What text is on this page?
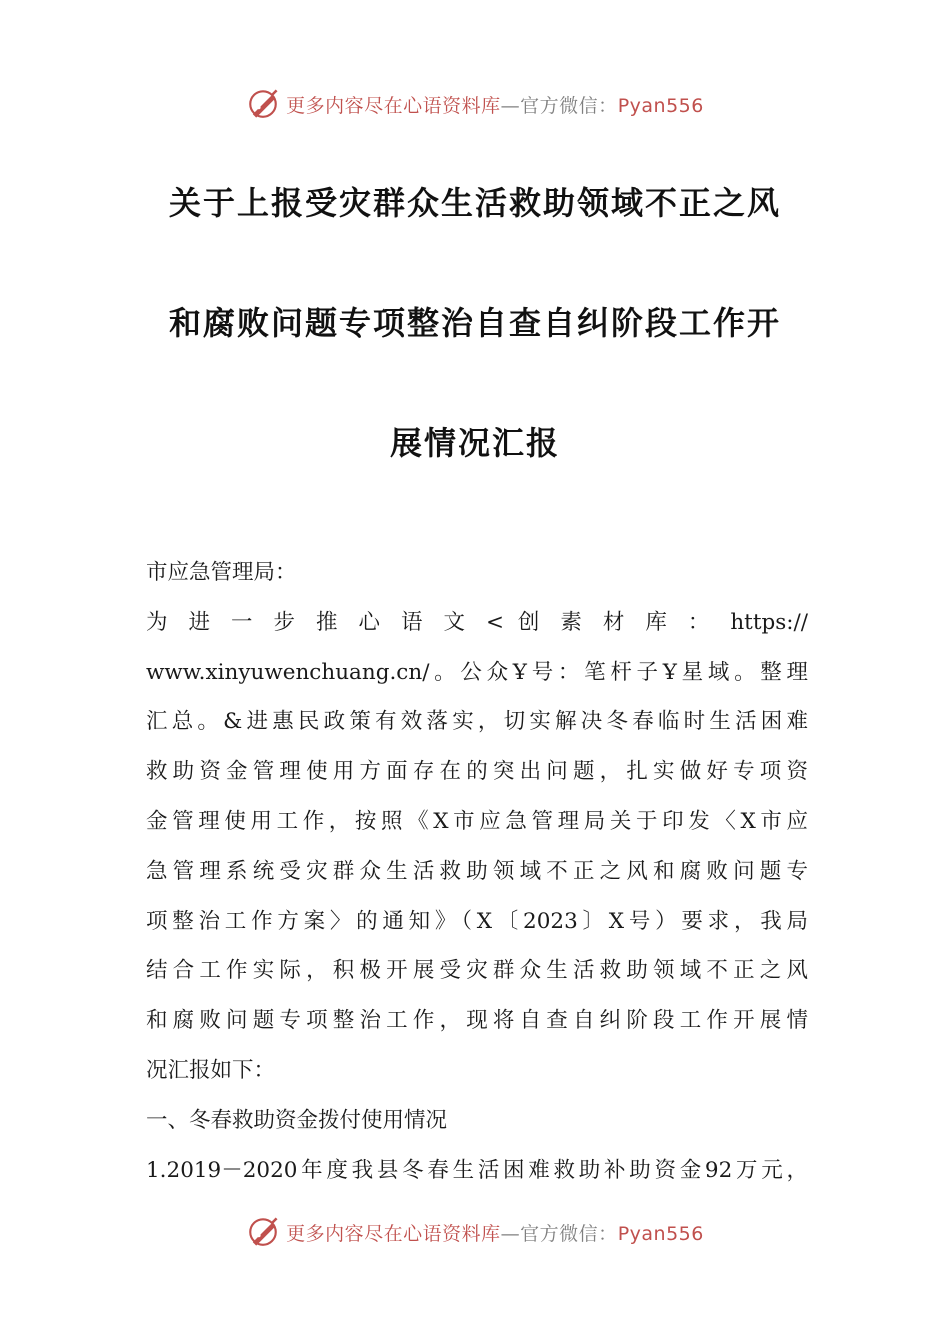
更多内容尽在心语资料库—官方微信：Pyan556
关于上报受灾群众生活救助领域不正之风
和腐败问题专项整治自查自纠阶段工作开
展情况汇报
市应急管理局：
为 进 一 步 推 心 语 文 < 创 素 材 库 ： https://
www.xinyuwenchuang.cn/。公众Ұ号：笔杆子Ұ星域。整理
汇总。&进惠民政策有效落实，切实解决冬春临时生活困难
救助资金管理使用方面存在的突出问题，扎实做好专项资
金管理使用工作，按照《X市应急管理局关于印发〈X市应
急管理系统受灾群众生活救助领域不正之风和腐败问题专
项整治工作方案〉的通知》（X〔2023〕X号）要求，我局
结合工作实际，积极开展受灾群众生活救助领域不正之风
和腐败问题专项整治工作，现将自查自纠阶段工作开展情
况汇报如下：
一、冬春救助资金拨付使用情况
1.2019－2020年度我县冬春生活困难救助补助资金92万元，
更多内容尽在心语资料库—官方微信：Pyan556
